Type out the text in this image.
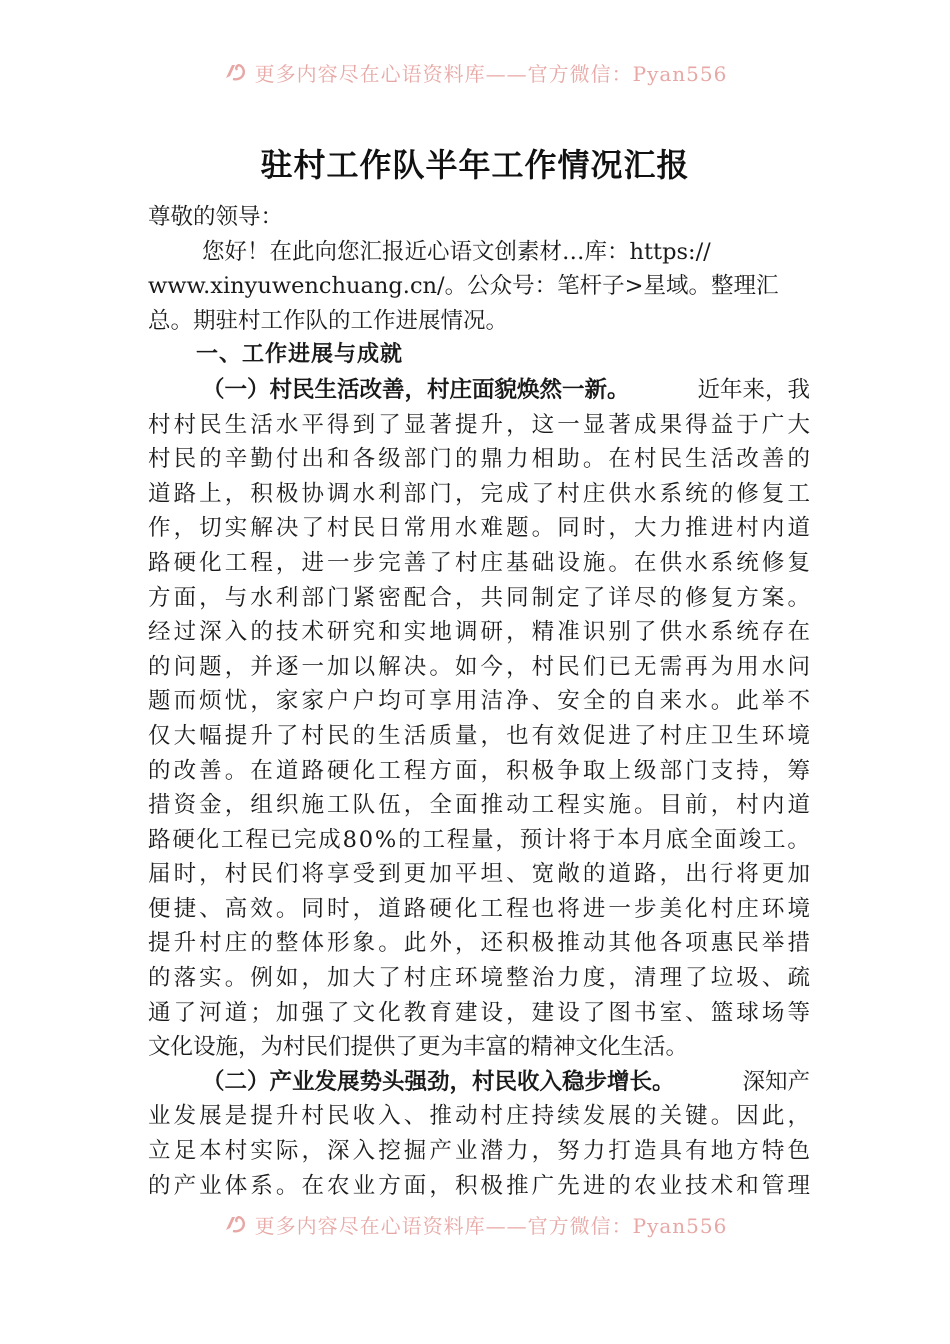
更多内容尽在心语资料库——官方微信：Pyan556
驻村工作队半年工作情况汇报
尊敬的领导：
您好！在此向您汇报近心语文创素材…库：https://
www.xinyuwenchuang.cn/。公众号：笔杆子>星域。整理汇
总。期驻村工作队的工作进展情况。
一、工作进展与成就
（一）村民生活改善，村庄面貌焕然一新。	近年来，我
村 村 民 生 活 水 平 得 到 了 显 著 提 升 ， 这 一 显 著 成 果 得 益 于 广 大
村 民 的 辛 勤 付 出 和 各 级 部 门 的 鼎 力 相 助 。 在 村 民 生 活 改 善 的
道 路 上 ， 积 极 协 调 水 利 部 门 ， 完 成 了 村 庄 供 水 系 统 的 修 复 工
作 ， 切 实 解 决 了 村 民 日 常 用 水 难 题 。 同 时 ， 大 力 推 进 村 内 道
路 硬 化 工 程 ， 进 一 步 完 善 了 村 庄 基 础 设 施 。 在 供 水 系 统 修 复
方 面 ， 与 水 利 部 门 紧 密 配 合 ， 共 同 制 定 了 详 尽 的 修 复 方 案 。
经 过 深 入 的 技 术 研 究 和 实 地 调 研 ， 精 准 识 别 了 供 水 系 统 存 在
的 问 题 ， 并 逐 一 加 以 解 决 。 如 今 ， 村 民 们 已 无 需 再 为 用 水 问
题 而 烦 忧 ， 家 家 户 户 均 可 享 用 洁 净 、 安 全 的 自 来 水 。 此 举 不
仅 大 幅 提 升 了 村 民 的 生 活 质 量 ， 也 有 效 促 进 了 村 庄 卫 生 环 境
的 改 善 。 在 道 路 硬 化 工 程 方 面 ， 积 极 争 取 上 级 部 门 支 持 ， 筹
措 资 金 ， 组 织 施 工 队 伍 ， 全 面 推 动 工 程 实 施 。 目 前 ， 村 内 道
路 硬 化 工 程 已 完 成 8 0 % 的 工 程 量 ， 预 计 将 于 本 月 底 全 面 竣 工 。
届 时 ， 村 民 们 将 享 受 到 更 加 平 坦 、 宽 敞 的 道 路 ， 出 行 将 更 加
便 捷 、 高 效 。 同 时 ， 道 路 硬 化 工 程 也 将 进 一 步 美 化 村 庄 环 境
提 升 村 庄 的 整 体 形 象 。 此 外 ， 还 积 极 推 动 其 他 各 项 惠 民 举 措
的 落 实 。 例 如 ， 加 大 了 村 庄 环 境 整 治 力 度 ， 清 理 了 垃 圾 、 疏
通 了 河 道 ； 加 强 了 文 化 教 育 建 设 ， 建 设 了 图 书 室 、 篮 球 场 等
文化设施，为村民们提供了更为丰富的精神文化生活。
（二）产业发展势头强劲，村民收入稳步增长。	深知产
业 发 展 是 提 升 村 民 收 入 、 推 动 村 庄 持 续 发 展 的 关 键 。 因 此 ，
立 足 本 村 实 际 ， 深 入 挖 掘 产 业 潜 力 ， 努 力 打 造 具 有 地 方 特 色
的 产 业 体 系 。 在 农 业 方 面 ， 积 极 推 广 先 进 的 农 业 技 术 和 管 理
更多内容尽在心语资料库——官方微信：Pyan556
